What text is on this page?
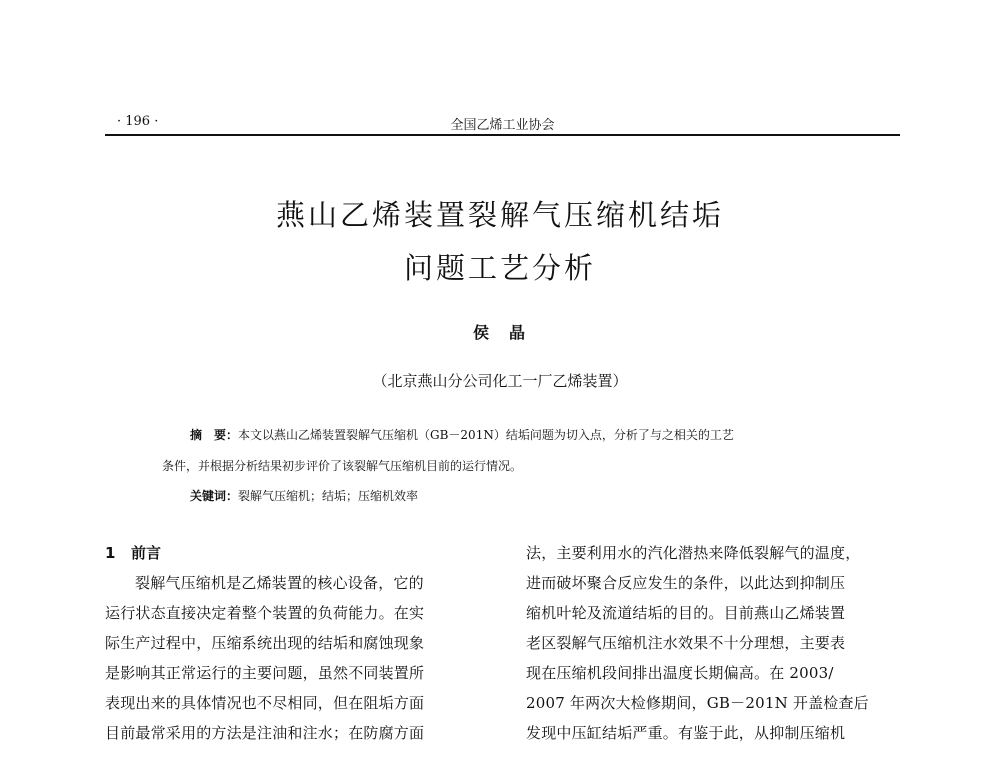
· 196 ·	全国乙烯工业协会
燕山乙烯装置裂解气压缩机结垢
问题工艺分析
侯　晶
（北京燕山分公司化工一厂乙烯装置）
摘　要：本文以燕山乙烯装置裂解气压缩机（GB－201N）结垢问题为切入点，分析了与之相关的工艺
条件，并根据分析结果初步评价了该裂解气压缩机目前的运行情况。
关键词：裂解气压缩机；结垢；压缩机效率
1 前言
裂解气压缩机是乙烯装置的核心设备，它的
运行状态直接决定着整个装置的负荷能力。在实
际生产过程中，压缩系统出现的结垢和腐蚀现象
是影响其正常运行的主要问题，虽然不同装置所
表现出来的具体情况也不尽相同，但在阻垢方面
目前最常采用的方法是注油和注水；在防腐方面
法，主要利用水的汽化潜热来降低裂解气的温度，
进而破坏聚合反应发生的条件，以此达到抑制压
缩机叶轮及流道结垢的目的。目前燕山乙烯装置
老区裂解气压缩机注水效果不十分理想，主要表
现在压缩机段间排出温度长期偏高。在 2003/
2007 年两次大检修期间，GB－201N 开盖检查后
发现中压缸结垢严重。有鉴于此，从抑制压缩机
